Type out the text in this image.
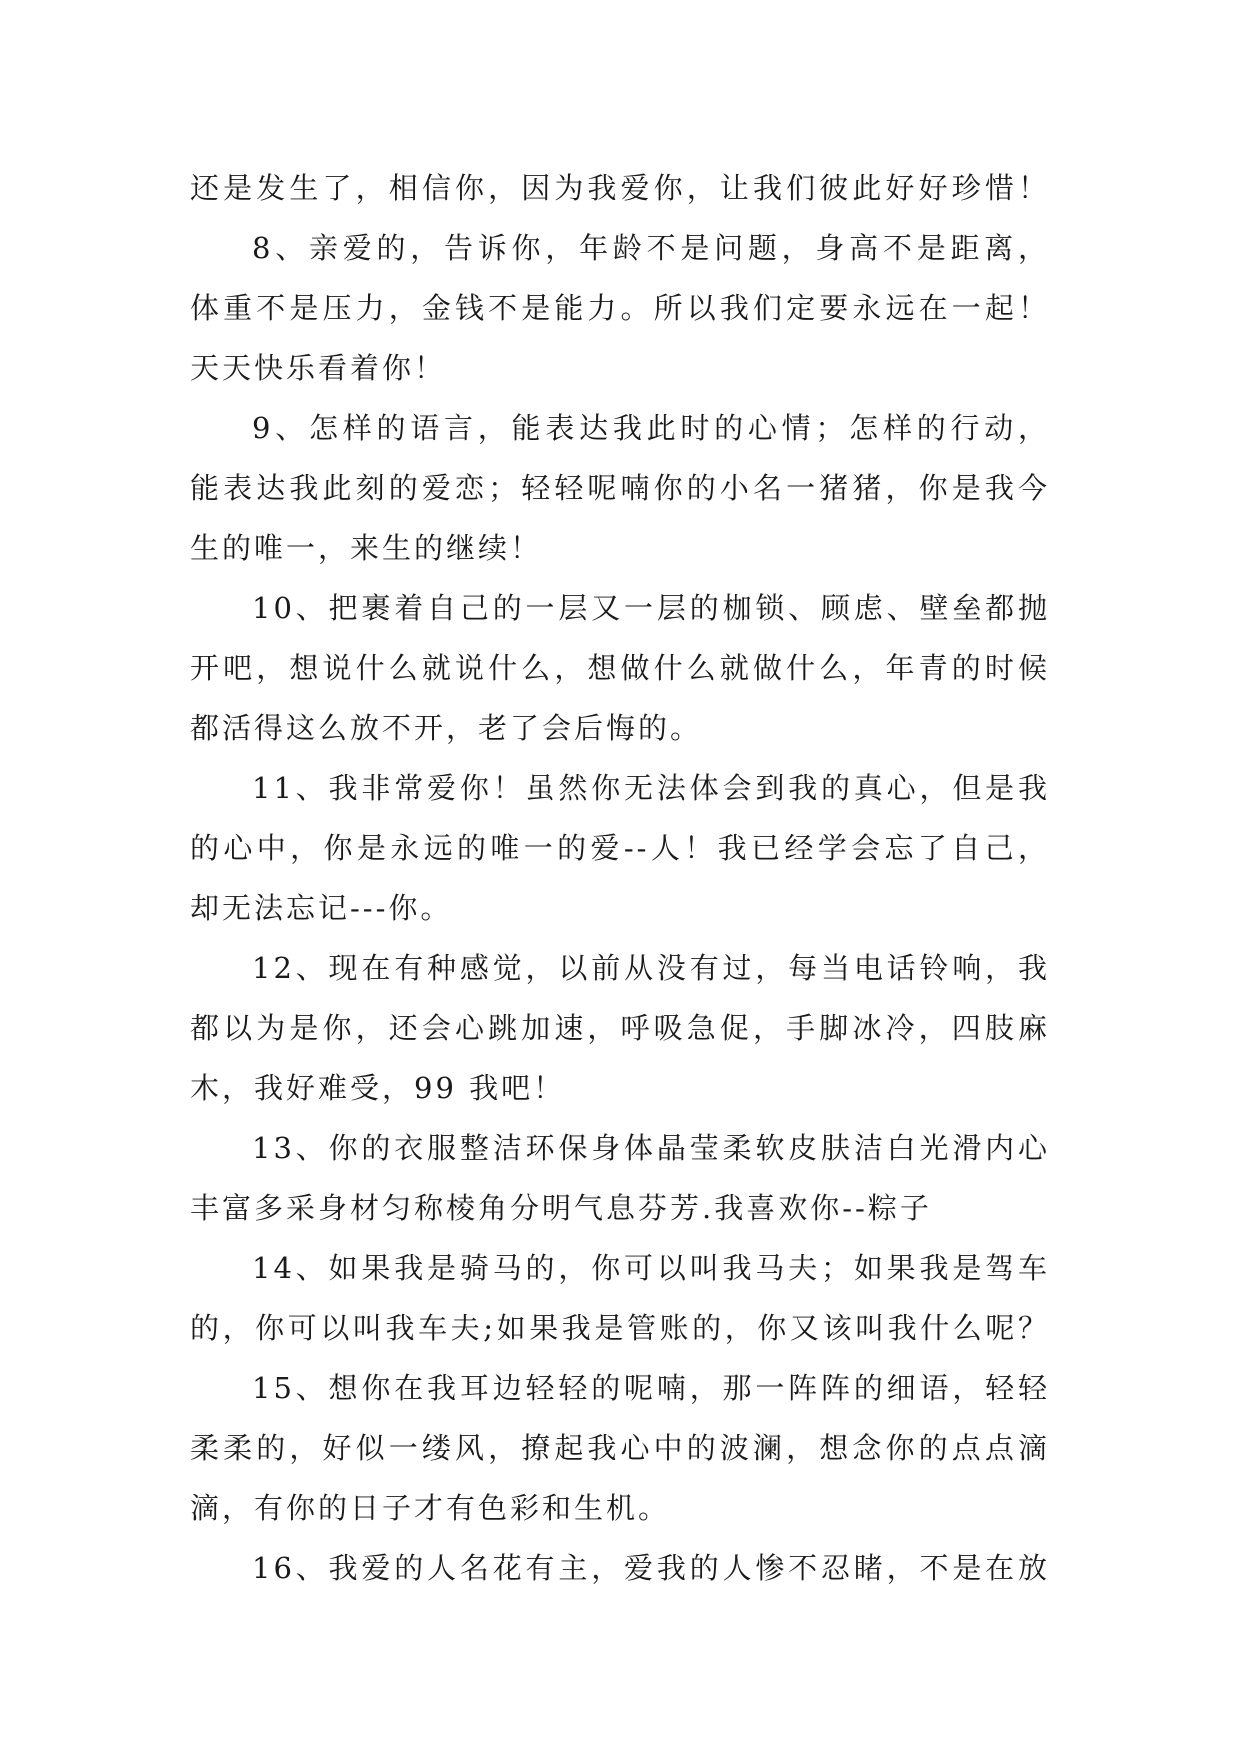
还是发生了，相信你，因为我爱你，让我们彼此好好珍惜！
8、亲爱的，告诉你，年龄不是问题，身高不是距离，
体重不是压力，金钱不是能力。所以我们定要永远在一起！
天天快乐看着你！
9、怎样的语言，能表达我此时的心情；怎样的行动，
能表达我此刻的爱恋；轻轻呢喃你的小名一猪猪，你是我今
生的唯一，来生的继续！
10、把裹着自己的一层又一层的枷锁、顾虑、壁垒都抛
开吧，想说什么就说什么，想做什么就做什么，年青的时候
都活得这么放不开，老了会后悔的。
11、我非常爱你！虽然你无法体会到我的真心，但是我
的心中，你是永远的唯一的爱--人！我已经学会忘了自己，
却无法忘记---你。
12、现在有种感觉，以前从没有过，每当电话铃响，我
都以为是你，还会心跳加速，呼吸急促，手脚冰冷，四肢麻
木，我好难受，99 我吧！
13、你的衣服整洁环保身体晶莹柔软皮肤洁白光滑内心
丰富多采身材匀称棱角分明气息芬芳.我喜欢你--粽子
14、如果我是骑马的，你可以叫我马夫；如果我是驾车
的，你可以叫我车夫;如果我是管账的，你又该叫我什么呢？
15、想你在我耳边轻轻的呢喃，那一阵阵的细语，轻轻
柔柔的，好似一缕风，撩起我心中的波澜，想念你的点点滴
滴，有你的日子才有色彩和生机。
16、我爱的人名花有主，爱我的人惨不忍睹，不是在放
